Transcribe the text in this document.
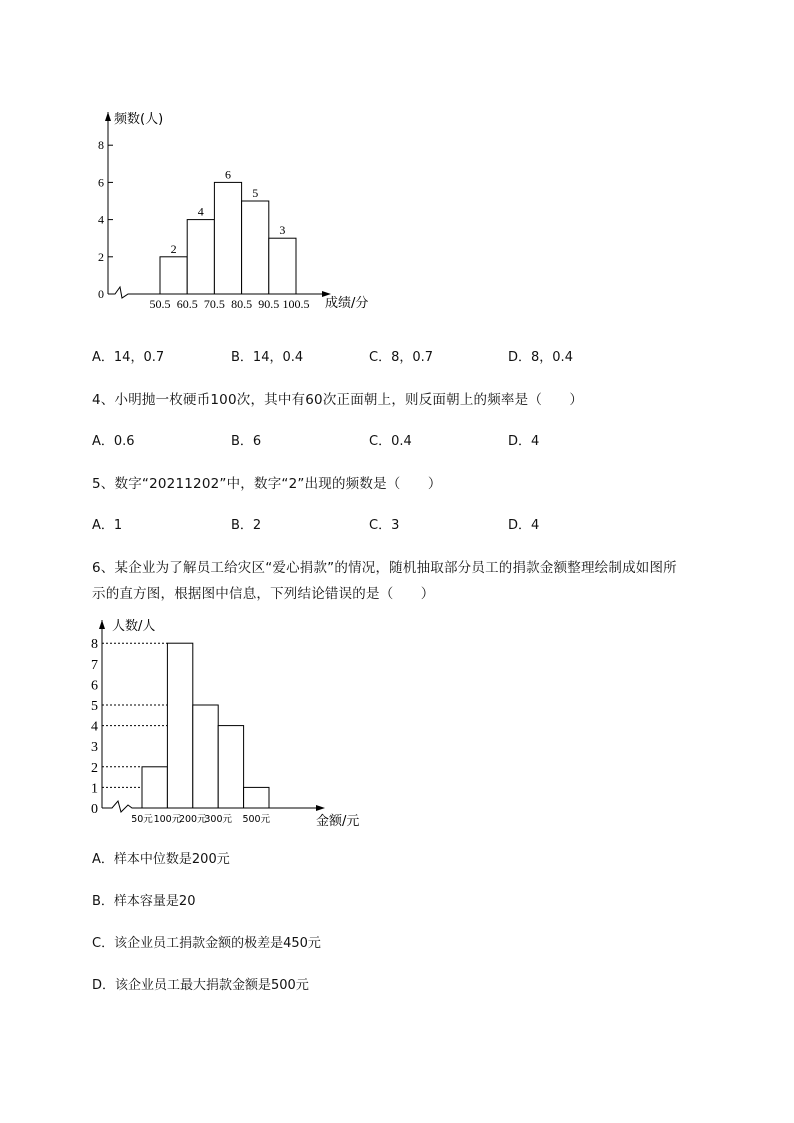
0
2
4
6
8
50.5 60.5 70.5 80.5 90.5 100.5
2
4
6
5
3
频数(人)
成绩/分
A．14，0.7	B．14，0.4	C．8，0.7	D．8，0.4
4、小明抛一枚硬币100次，其中有60次正面朝上，则反面朝上的频率是（　　）
A．0.6	B．6	C．0.4	D．4
5、数字“20211202”中，数字“2”出现的频数是（　　）
A．1	B．2	C．3	D．4
6、某企业为了解员工给灾区“爱心捐款”的情况，随机抽取部分员工的捐款金额整理绘制成如图所
示的直方图，根据图中信息，下列结论错误的是（　　）
0
1
2
3
4
5
6
7
8
50元 100元
200元
300元 500元
人数/人
金额/元
A．样本中位数是200元
B．样本容量是20
C．该企业员工捐款金额的极差是450元
D．该企业员工最大捐款金额是500元
